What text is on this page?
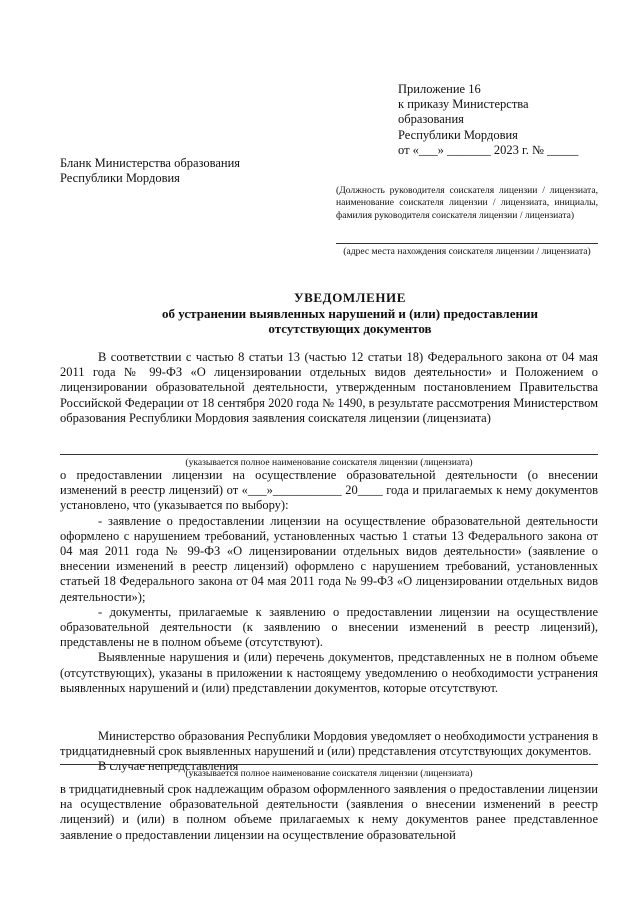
Приложение 16
к приказу Министерства
образования
Республики Мордовия
от «___» _______ 2023 г. № _____
Бланк Министерства образования
Республики Мордовия
(Должность руководителя соискателя лицензии / лицензиата, наименование соискателя лицензии / лицензиата, инициалы, фамилия руководителя соискателя лицензии / лицензиата)
(адрес места нахождения соискателя лицензии / лицензиата)
УВЕДОМЛЕНИЕ
об устранении выявленных нарушений и (или) предоставлении
отсутствующих документов

В соответствии с частью 8 статьи 13 (частью 12 статьи 18) Федерального закона от 04 мая 2011 года № 99-ФЗ «О лицензировании отдельных видов деятельности» и Положением о лицензировании образовательной деятельности, утвержденным постановлением Правительства Российской Федерации от 18 сентября 2020 года № 1490, в результате рассмотрения Министерством образования Республики Мордовия заявления соискателя лицензии (лицензиата)

(указывается полное наименование соискателя лицензии (лицензиата)

о предоставлении лицензии на осуществление образовательной деятельности (о внесении изменений в реестр лицензий) от «___»___________ 20____ года и прилагаемых к нему документов установлено, что (указывается по выбору):

- заявление о предоставлении лицензии на осуществление образовательной деятельности оформлено с нарушением требований, установленных частью 1 статьи 13 Федерального закона от 04 мая 2011 года № 99-ФЗ «О лицензировании отдельных видов деятельности» (заявление о внесении изменений в реестр лицензий) оформлено с нарушением требований, установленных статьей 18 Федерального закона от 04 мая 2011 года № 99-ФЗ «О лицензировании отдельных видов деятельности»);

- документы, прилагаемые к заявлению о предоставлении лицензии на осуществление образовательной деятельности (к заявлению о внесении изменений в реестр лицензий), представлены не в полном объеме (отсутствуют).

Выявленные нарушения и (или) перечень документов, представленных не в полном объеме (отсутствующих), указаны в приложении к настоящему уведомлению о необходимости устранения выявленных нарушений и (или) представлении документов, которые отсутствуют.

Министерство образования Республики Мордовия уведомляет о необходимости устранения в тридцатидневный срок выявленных нарушений и (или) представления отсутствующих документов.

В случае непредставления

(указывается полное наименование соискателя лицензии (лицензиата)

в тридцатидневный срок надлежащим образом оформленного заявления о предоставлении лицензии на осуществление образовательной деятельности (заявления о внесении изменений в реестр лицензий) и (или) в полном объеме прилагаемых к нему документов ранее представленное заявление о предоставлении лицензии на осуществление образовательной
